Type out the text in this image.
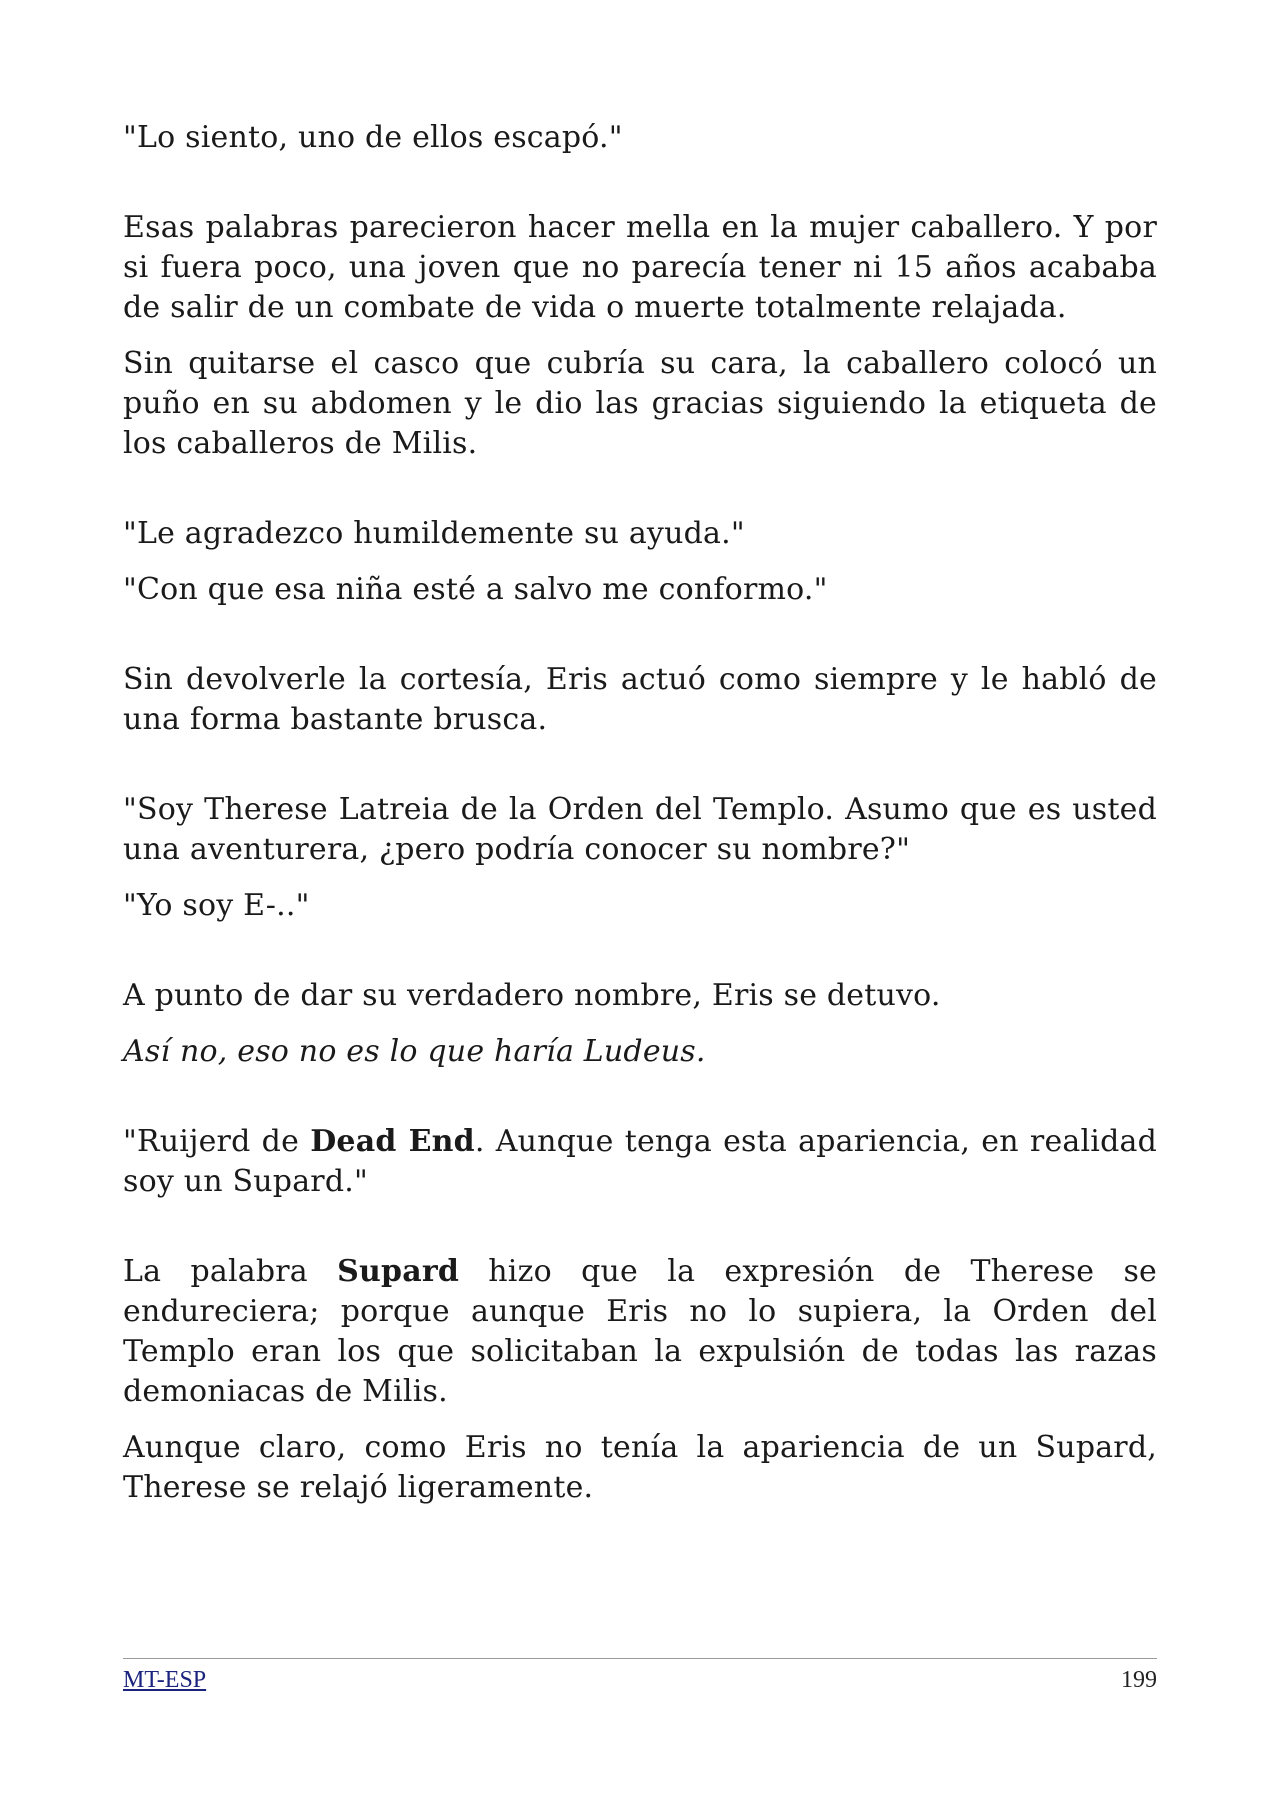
"Lo siento, uno de ellos escapó."

Esas palabras parecieron hacer mella en la mujer caballero. Y por si fuera poco, una joven que no parecía tener ni 15 años acababa de salir de un combate de vida o muerte totalmente relajada.

Sin quitarse el casco que cubría su cara, la caballero colocó un puño en su abdomen y le dio las gracias siguiendo la etiqueta de los caballeros de Milis.

"Le agradezco humildemente su ayuda."

"Con que esa niña esté a salvo me conformo."

Sin devolverle la cortesía, Eris actuó como siempre y le habló de una forma bastante brusca.

"Soy Therese Latreia de la Orden del Templo. Asumo que es usted una aventurera, ¿pero podría conocer su nombre?"

"Yo soy E-.."

A punto de dar su verdadero nombre, Eris se detuvo.

Así no, eso no es lo que haría Ludeus.

"Ruijerd de Dead End. Aunque tenga esta apariencia, en realidad soy un Supard."

La palabra Supard hizo que la expresión de Therese se endureciera; porque aunque Eris no lo supiera, la Orden del Templo eran los que solicitaban la expulsión de todas las razas demoniacas de Milis.

Aunque claro, como Eris no tenía la apariencia de un Supard, Therese se relajó ligeramente.

MT-ESP	199
